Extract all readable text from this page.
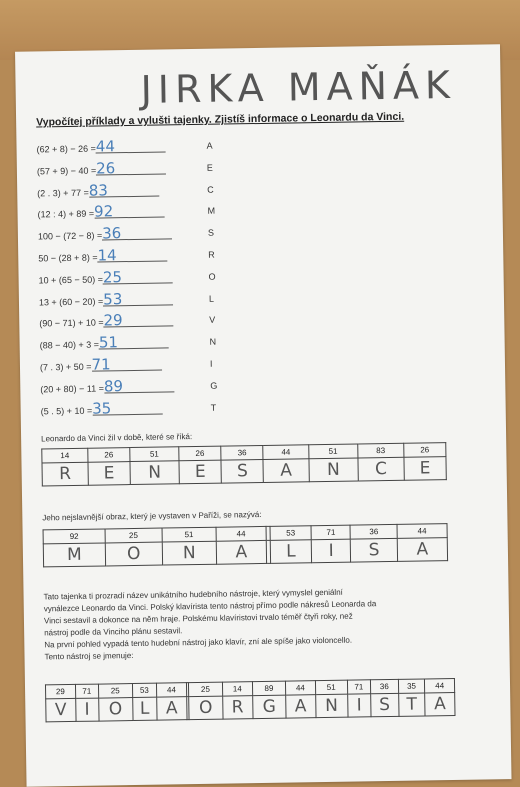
JIRKA MAŇÁK
Vypočítej příklady a vylušti tajenky. Zjistíš informace o Leonardu da Vinci.
(62 + 8) − 26 =44	A
(57 + 9) − 40 =26	E
(2 . 3) + 77 =83	C
(12 : 4) + 89 =92	M
100 − (72 − 8) =36	S
50 − (28 + 8) =14	R
10 + (65 − 50) =25	O
13 + (60 − 20) =53	L
(90 − 71) + 10 =29	V
(88 − 40) + 3 =51	N
(7 . 3) + 50 =71	I
(20 + 80) − 11 =89	G
(5 . 5) + 10 =35	T
Leonardo da Vinci žil v době, které se říká:
14	26	51	26	36	44	51	83	26
R	E	N	E	S	A	N	C	E
Jeho nejslavnější obraz, který je vystaven v Paříži, se nazývá:
92	25	51	44		53	71	36	44
M	O	N	A		L	I	S	A

Tato tajenka ti prozradí název unikátního hudebního nástroje, který vymyslel geniální

vynálezce Leonardo da Vinci. Polský klavírista tento nástroj přímo podle nákresů Leonarda da

Vinci sestavil a dokonce na něm hraje. Polskému klavíristovi trvalo téměř čtyři roky, než

nástroj podle da Vinciho plánu sestavil.

Na první pohled vypadá tento hudební nástroj jako klavír, zní ale spíše jako violoncello.

Tento nástroj se jmenuje:

29	71	25	53	44		25	14	89	44	51	71	36	35	44
V	I	O	L	A		O	R	G	A	N	I	S	T	A
